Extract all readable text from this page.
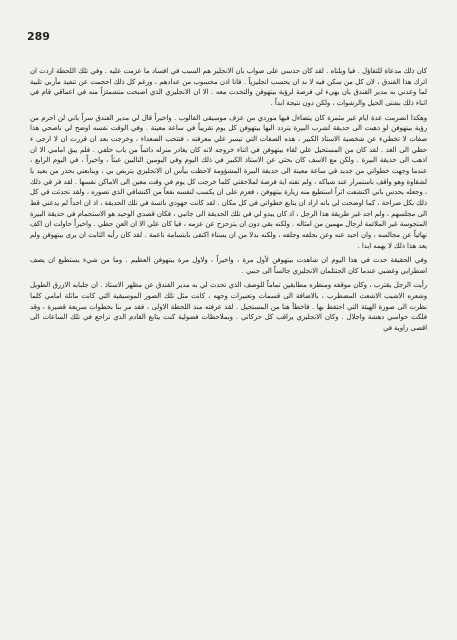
289

كان ذلك مدعاة للتفاؤل . فيا ويلتاه . لقد كان حدسي على صواب بان الانجليز هم السبب في افساد ما عزمت عليه . وفي تلك اللحظة اردت ان اترك هذا الفندق ، لان كل من سكن فيه لا بد ان يحسب انجليزياً . فانا اذن محسوب من عدادهم ، ورغم كل ذلك احجمت عن تنفيذ مأربي تلبية لما وعدني به مدير الفندق بان يهيء لي فرصة لرؤية بيتهوفن والتحدث معه . الا ان الانجليزي الذي اصبحت متشمئزاً منه في اعماقي قام في اثناء ذلك بشتى الحيل والرشوات ، ولكن دون نتيجة ابداً .

وهكذا انصرمت عدة ايام غير مثمرة كان يتضاءل فيها موردي من عزف موسيقى الفالوب . واخيراً قال لي مدير الفندق سراً باني لن احرم من رؤية بيتهوفن لو ذهبت الى حديقة لشرب البيرة يتردد اليها بيتهوفن كل يوم تقريباً في ساعة معينة . وفي الوقت نفسه اوضح لي ناصحي هذا صفات لا تخطيء عن شخصية الاستاذ الكبير ، هذه الصفات التي تيسر علي معرفته ، فتتحب الصعداء ، وخرجت بعد ان قررت ان لا ارجى ء حظي الى الغد . لقد كان من المستحيل علي لقاء بيتهوفن في اثناء خروجه لانه كان يغادر منزله دائماً من باب خلفي . فلم يبق امامي الا ان اذهب الى حديقة البيرة . ولكن مع الاسف كان بحثي عن الاستاذ الكبير في ذلك اليوم وفي اليومين التاليين عبثاً ، واخيراً ، في اليوم الرابع ، عندما وجهت خطواتي من جديد في ساعة معينة الى حديقة البيرة المشؤومة لاحظت بيأس ان الانجليزي يتربص بي ، وينابعني بحذر من بعيد يا لشقاوة وهو واقف باستمرار عند شباكه ، ولم تفته اية فرصة لملاحقتي كلما خرجت كل يوم في وقت معين الى الاماكن نفسها . لقد فر في ذلك ، وجعله يحدس باني اكتشفت اثراً استطيع منه زيارة بيتهوفن ، فعزم على ان يكسب لنفسه نفعاً من اكتشافي الذي تصوره ، ولقد تحدثت في كل ذلك بكل صراحة ، كما اوضحت لي بانه اراد ان يتابع خطواتي في كل مكان . لقد كانت جهودي بائسة في تلك الحديقة ، اذ ان احداً لم يدعني قط الى مجلسهم ، ولم اجد غير طريقة هذا الرجل ، اذ كان يبدو لي في تلك الحديقة الى جانبي ، فكان قصدي الوحيد هو الاستجمام في حديقة البيرة المتجوسة غير الملائمة لرجال مهمين من امثاله . ولكنه بقي دون ان يتزحزح عن عزمه ، فيا كان علي الا ان العن حظي . واخيراً حاولت ان اكف نهائياً عن مجالسه ، وان احيد عنه وعن بجلفه وجلفه ، ولكنه بدلا من ان يستاء اكتفى بابتسامة ناعمة . لقد كان رأيه الثابت ان يرى بيتهوفن ولم يعد هذا ذلك لا يهمه ابدا .

وفي الحقيقة حدث في هذا اليوم ان شاهدت بيتهوفن لأول مرة ، واخيراً ، ولاول مرة يبتهوفن العظيم . وما من شيء يستطيع ان يصف اضطرابي وغضبي عندما كان الجنتلمان الانجليزي جالساً الى جنبي .

رأيت الرجل يقترب ، وكان موقفه ومنظره مطابقين تماماً للوصف الذي تحدث لي به مدير الفندق عن مظهر الاستاذ . ان جلبابه الازرق الطويل وشعره الاشيب الاشعث المضطرب ، بالاضافة الى قسمات وتعبيرات وجهه ، كانت مثل تلك الصور الموسيقية التي كانت ماثلة امامي كلما نظرت الى صورة الهيئة التي احتفظ بها . فاخطأ هنا من المستحيل . لقد عرفته منذ اللحظة الاولى ، فقد مر بنا بخطوات سريعة قصيرة ، وقد فلكت حواسي دهشة واجلال . وكان الانجليزي يراقب كل حركاتي . وبملاحظات فضولية كنت يتابع القادم الذي تراجع في تلك الساعات الى اقصى زاوية في
